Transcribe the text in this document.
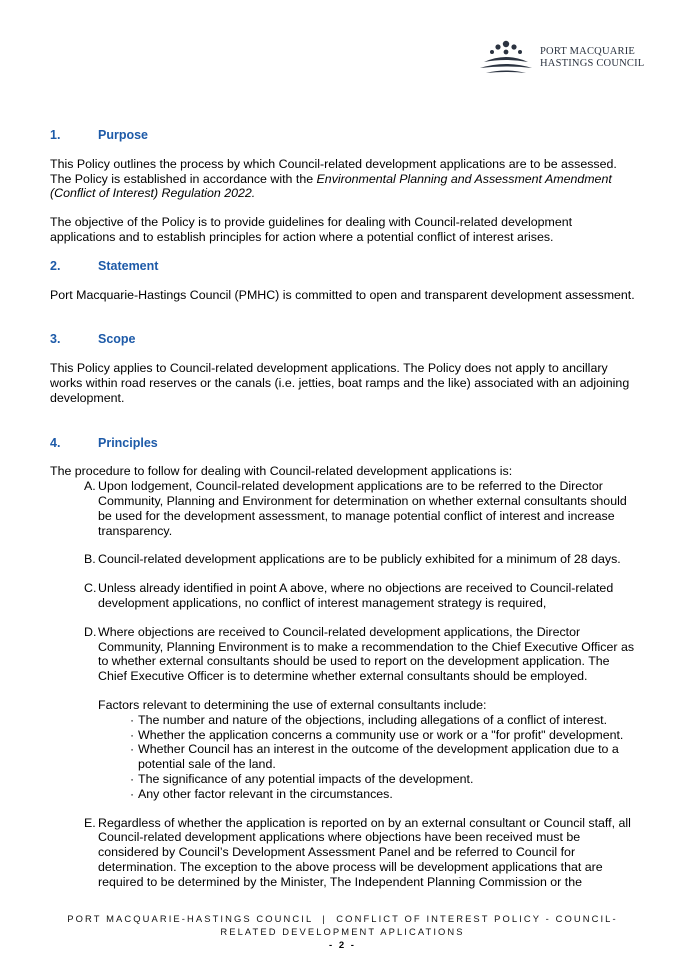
PORT MACQUARIE
HASTINGS COUNCIL
1.	Purpose

This Policy outlines the process by which Council-related development applications are to be assessed. The Policy is established in accordance with the Environmental Planning and Assessment Amendment (Conflict of Interest) Regulation 2022.

The objective of the Policy is to provide guidelines for dealing with Council-related development applications and to establish principles for action where a potential conflict of interest arises.

2.	Statement

Port Macquarie-Hastings Council (PMHC) is committed to open and transparent development assessment.

3.	Scope

This Policy applies to Council-related development applications. The Policy does not apply to ancillary works within road reserves or the canals (i.e. jetties, boat ramps and the like) associated with an adjoining development.

4.	Principles

The procedure to follow for dealing with Council-related development applications is:

A. Upon lodgement, Council-related development applications are to be referred to the Director Community, Planning and Environment for determination on whether external consultants should be used for the development assessment, to manage potential conflict of interest and increase transparency.
B. Council-related development applications are to be publicly exhibited for a minimum of 28 days.
C. Unless already identified in point A above, where no objections are received to Council-related development applications, no conflict of interest management strategy is required,
D. Where objections are received to Council-related development applications, the Director Community, Planning Environment is to make a recommendation to the Chief Executive Officer as to whether external consultants should be used to report on the development application. The Chief Executive Officer is to determine whether external consultants should be employed.

Factors relevant to determining the use of external consultants include:

· The number and nature of the objections, including allegations of a conflict of interest.
· Whether the application concerns a community use or work or a "for profit" development.
· Whether Council has an interest in the outcome of the development application due to a potential sale of the land.
· The significance of any potential impacts of the development.
· Any other factor relevant in the circumstances.
E. Regardless of whether the application is reported on by an external consultant or Council staff, all Council-related development applications where objections have been received must be considered by Council’s Development Assessment Panel and be referred to Council for determination. The exception to the above process will be development applications that are required to be determined by the Minister, The Independent Planning Commission or the
PORT MACQUARIE-HASTINGS COUNCIL  |  CONFLICT OF INTEREST POLICY - COUNCIL-
RELATED DEVELOPMENT APLICATIONS
- 2 -
